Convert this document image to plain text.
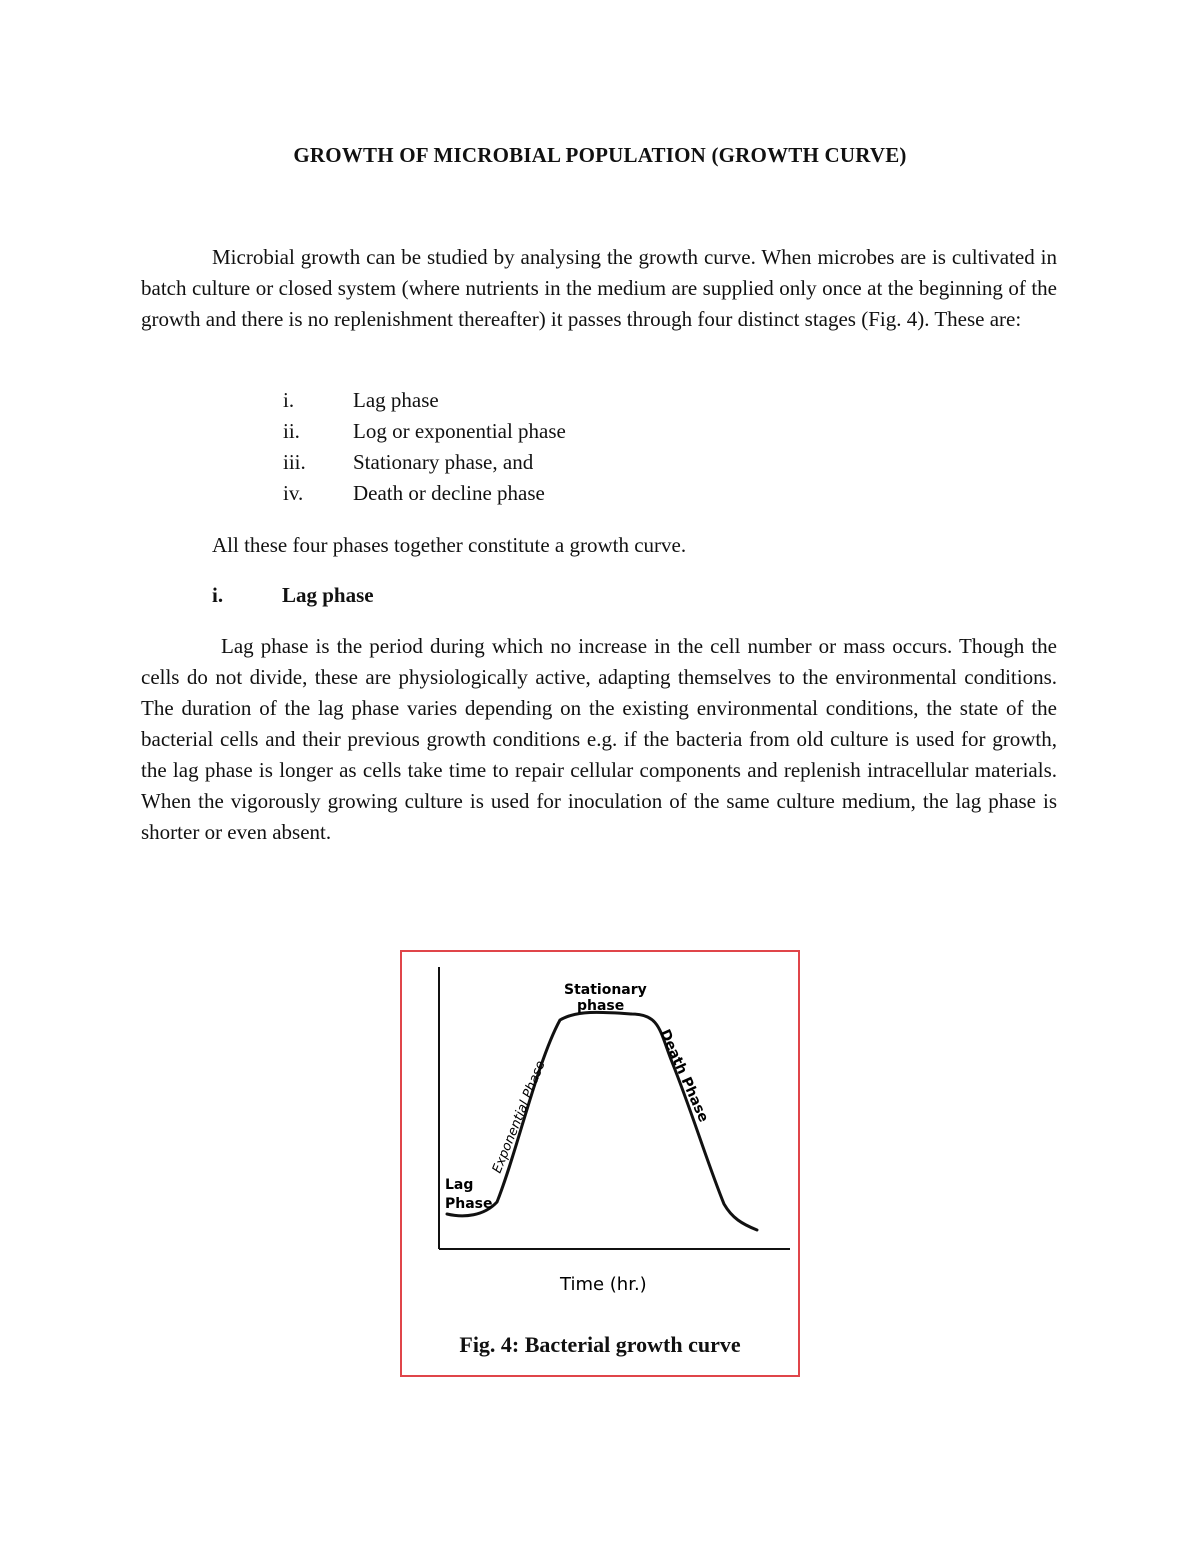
GROWTH OF MICROBIAL POPULATION (GROWTH CURVE)

Microbial growth can be studied by analysing the growth curve. When microbes are is cultivated in batch culture or closed system (where nutrients in the medium are supplied only once at the beginning of the growth and there is no replenishment thereafter) it passes through four distinct stages (Fig. 4). These are:

i.	Lag phase
ii.	Log or exponential phase
iii. Stationary phase, and
iv. Death or decline phase
All these four phases together constitute a growth curve.
i.	Lag phase

Lag phase is the period during which no increase in the cell number or mass occurs. Though the cells do not divide, these are physiologically active, adapting themselves to the environmental conditions. The duration of the lag phase varies depending on the existing environmental conditions, the state of the bacterial cells and their previous growth conditions e.g. if the bacteria from old culture is used for growth, the lag phase is longer as cells take time to repair cellular components and replenish intracellular materials. When the vigorously growing culture is used for inoculation of the same culture medium, the lag phase is shorter or even absent.

Lag
Phase
Exponential Phase
Stationary
phase
Death Phase
Time (hr.)
Fig. 4: Bacterial growth curve
